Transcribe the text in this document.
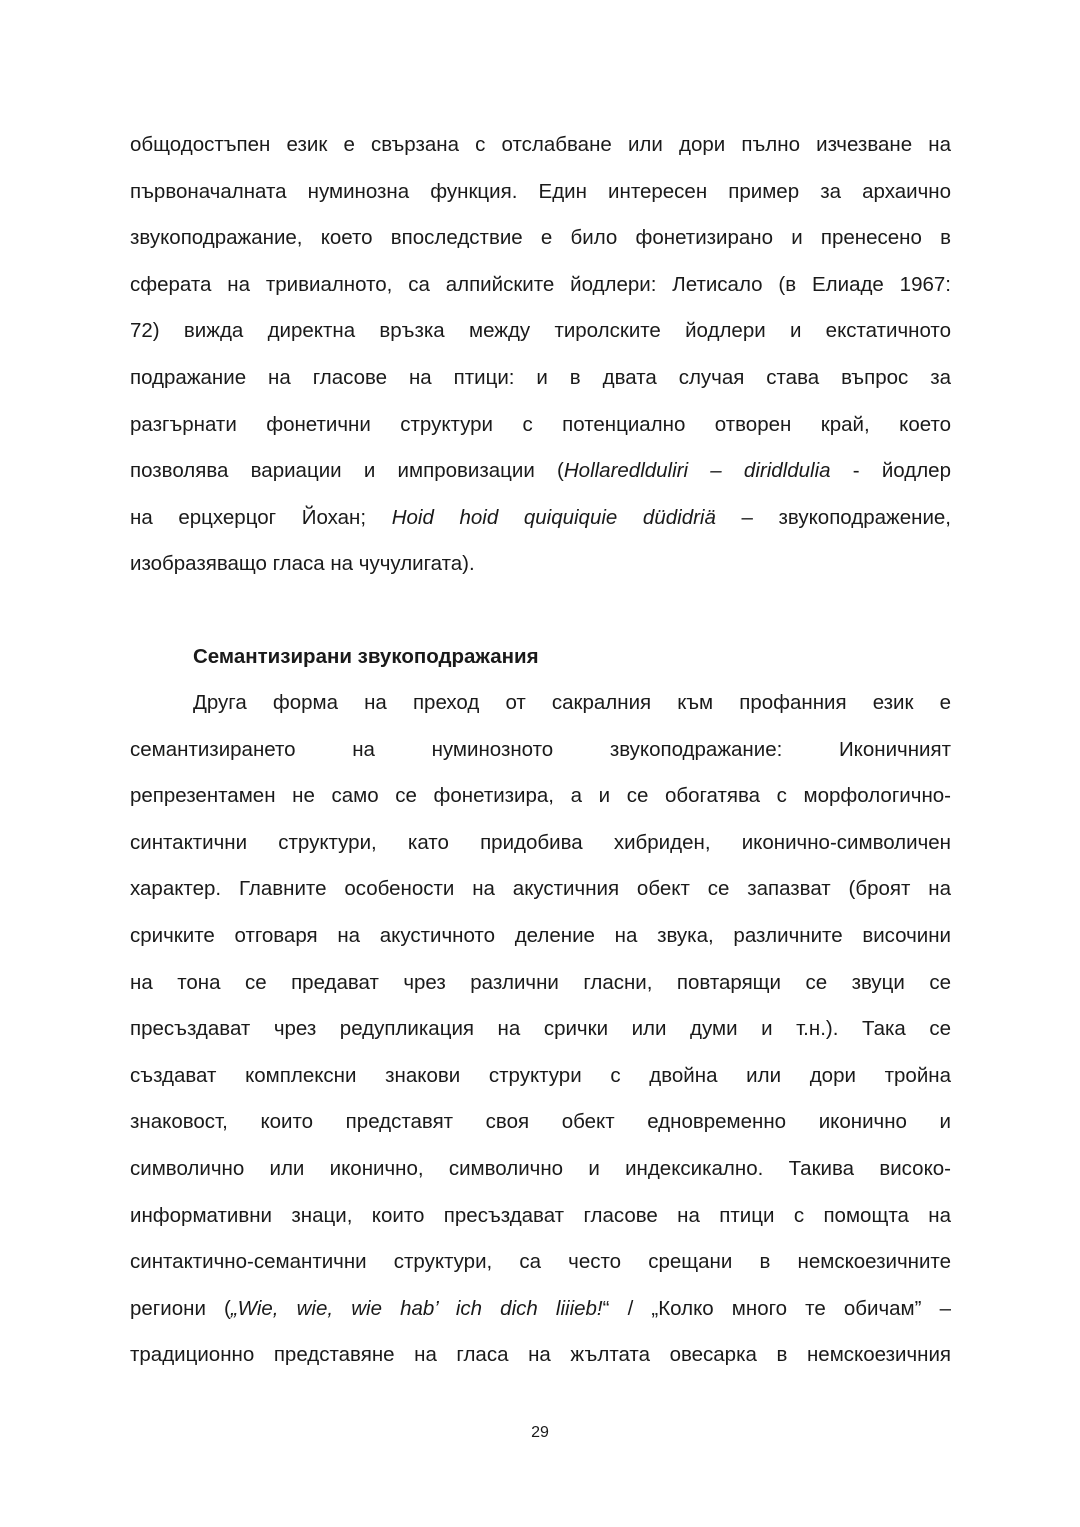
общодостъпен език е свързана с отслабване или дори пълно изчезване на
първоначалната нуминозна функция. Един интересен пример за архаично
звукоподражание, което впоследствие е било фонетизирано и пренесено в
сферата на тривиалното, са алпийските йодлери: Летисало (в Елиаде 1967:
72) вижда директна връзка между тиролските йодлери и екстатичното
подражание на гласове на птици: и в двата случая става въпрос за
разгърнати фонетични структури с потенциално отворен край, което
позволява вариации и импровизации (Hollaredlduliri – diridldulia - йодлер
на ерцхерцог Йохан; Hoid hoid quiquiquie düdidriä – звукоподражение,
изобразяващо гласа на чучулигата).
Семантизирани звукоподражания
Друга форма на преход от сакралния към профанния език е
семантизирането на нуминозното звукоподражание: Иконичният
репрезентамен не само се фонетизира, а и се обогатява с морфологично-
синтактични структури, като придобива хибриден, иконично-символичен
характер. Главните особености на акустичния обект се запазват (броят на
сричките отговаря на акустичното деление на звука, различните височини
на тона се предават чрез различни гласни, повтарящи се звуци се
пресъздават чрез редупликация на срички или думи и т.н.). Така се
създават комплексни знакови структури с двойна или дори тройна
знаковост, които представят своя обект едновременно иконично и
символично или иконично, символично и индексикално. Такива високо-
информативни знаци, които пресъздават гласове на птици с помощта на
синтактично-семантични структури, са често срещани в немскоезичните
региони („Wie, wie, wie hab’ ich dich liiieb!“ / „Колко много те обичам” –
традиционно представяне на гласа на жълтата овесарка в немскоезичния
29
